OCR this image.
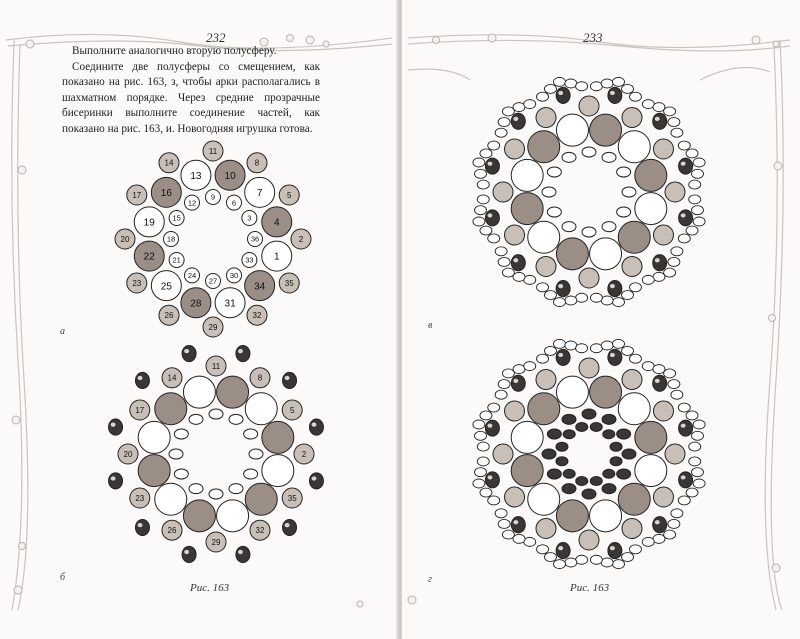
232	233

Выполните аналогично вторую полусферу.

Соедините две полусферы со смещением, как показано на рис. 163, з, чтобы арки располагались в шахматном порядке. Через средние прозрачные бисеринки выполните соединение частей, как показано на рис. 163, и. Новогодняя игрушка готова.

10
11
9	7
8
6
4
5
3
1
2
36
34 35
33
31
32
30
28
29
27
25
26
24
22
23
21
19
20	18
16
17
15
13
14
12
а
11
8
5
2
35
32
29
26
23
20
17
14
б
Рис. 163
в
г
Рис. 163
